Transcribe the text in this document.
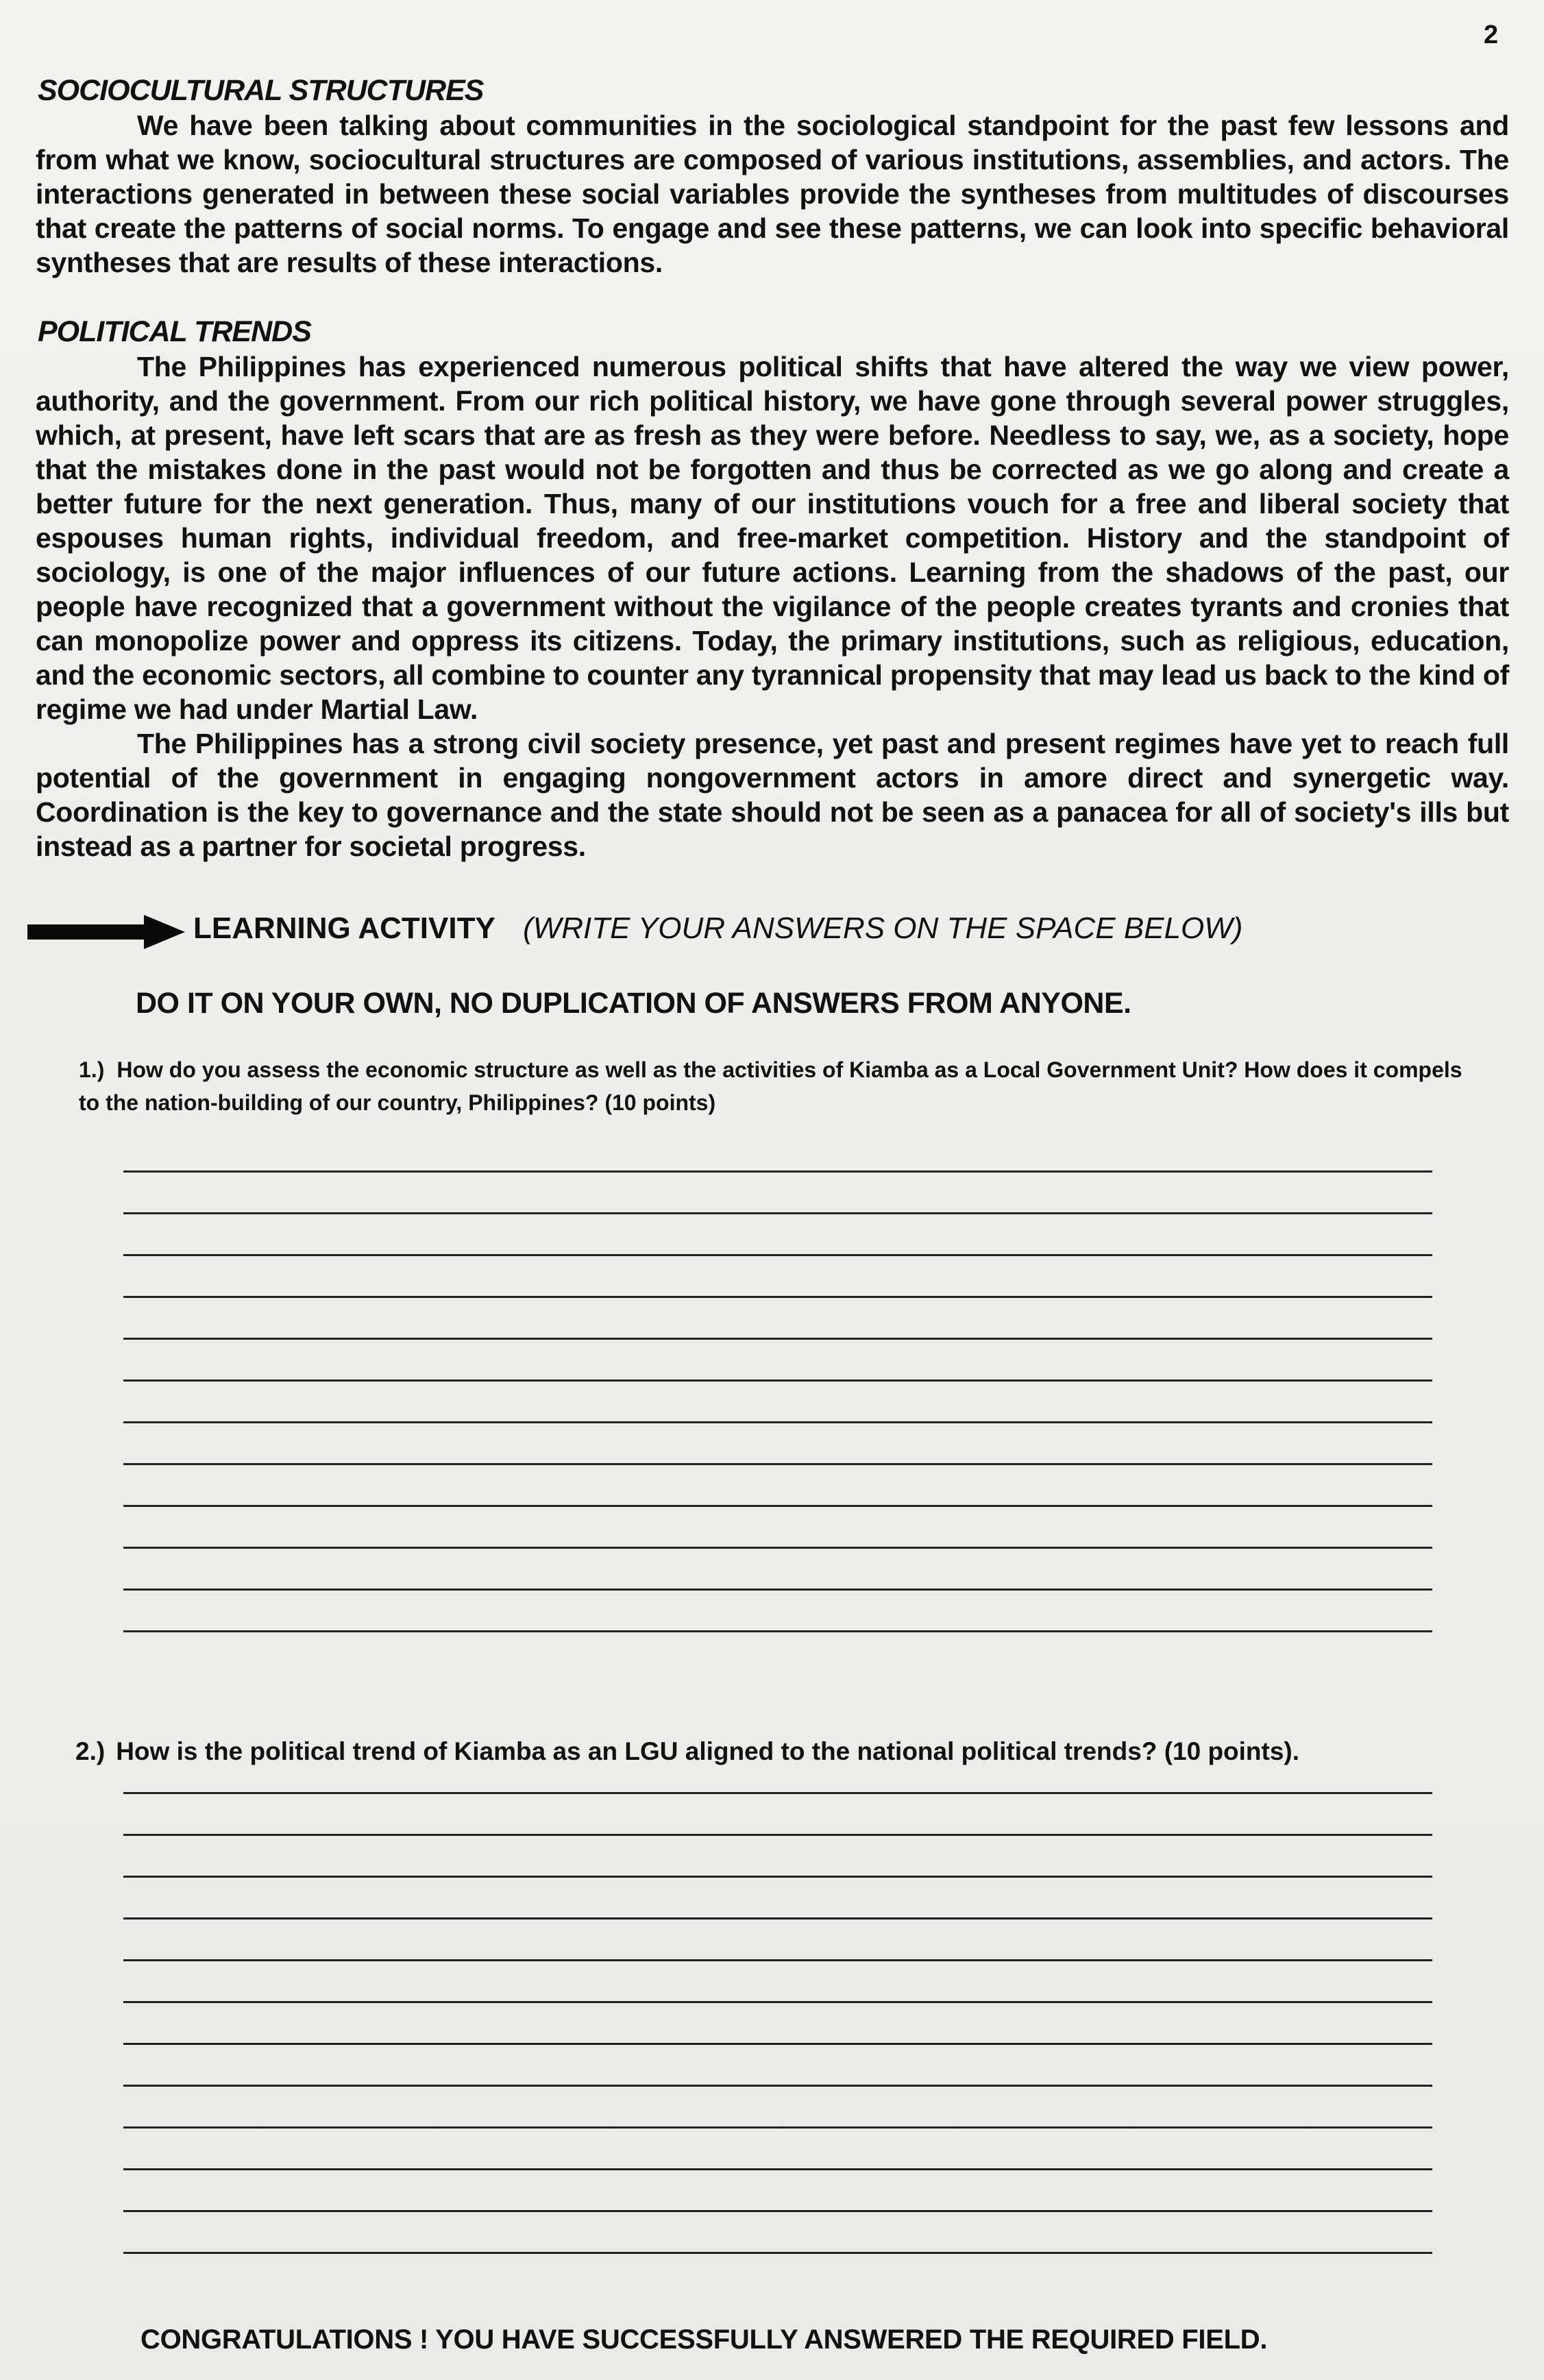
2
SOCIOCULTURAL STRUCTURES
We have been talking about communities in the sociological standpoint for the past few lessons and from what we know, sociocultural structures are composed of various institutions, assemblies, and actors. The interactions generated in between these social variables provide the syntheses from multitudes of discourses that create the patterns of social norms. To engage and see these patterns, we can look into specific behavioral syntheses that are results of these interactions.
POLITICAL TRENDS
The Philippines has experienced numerous political shifts that have altered the way we view power, authority, and the government. From our rich political history, we have gone through several power struggles, which, at present, have left scars that are as fresh as they were before. Needless to say, we, as a society, hope that the mistakes done in the past would not be forgotten and thus be corrected as we go along and create a better future for the next generation. Thus, many of our institutions vouch for a free and liberal society that espouses human rights, individual freedom, and free-market competition. History and the standpoint of sociology, is one of the major influences of our future actions. Learning from the shadows of the past, our people have recognized that a government without the vigilance of the people creates tyrants and cronies that can monopolize power and oppress its citizens. Today, the primary institutions, such as religious, education, and the economic sectors, all combine to counter any tyrannical propensity that may lead us back to the kind of regime we had under Martial Law.
The Philippines has a strong civil society presence, yet past and present regimes have yet to reach full potential of the government in engaging nongovernment actors in amore direct and synergetic way. Coordination is the key to governance and the state should not be seen as a panacea for all of society's ills but instead as a partner for societal progress.
LEARNING ACTIVITY (WRITE YOUR ANSWERS ON THE SPACE BELOW)
DO IT ON YOUR OWN, NO DUPLICATION OF ANSWERS FROM ANYONE.
1.) How do you assess the economic structure as well as the activities of Kiamba as a Local Government Unit? How does it compels to the nation-building of our country, Philippines? (10 points)
2.) How is the political trend of Kiamba as an LGU aligned to the national political trends? (10 points).
CONGRATULATIONS ! YOU HAVE SUCCESSFULLY ANSWERED THE REQUIRED FIELD.
